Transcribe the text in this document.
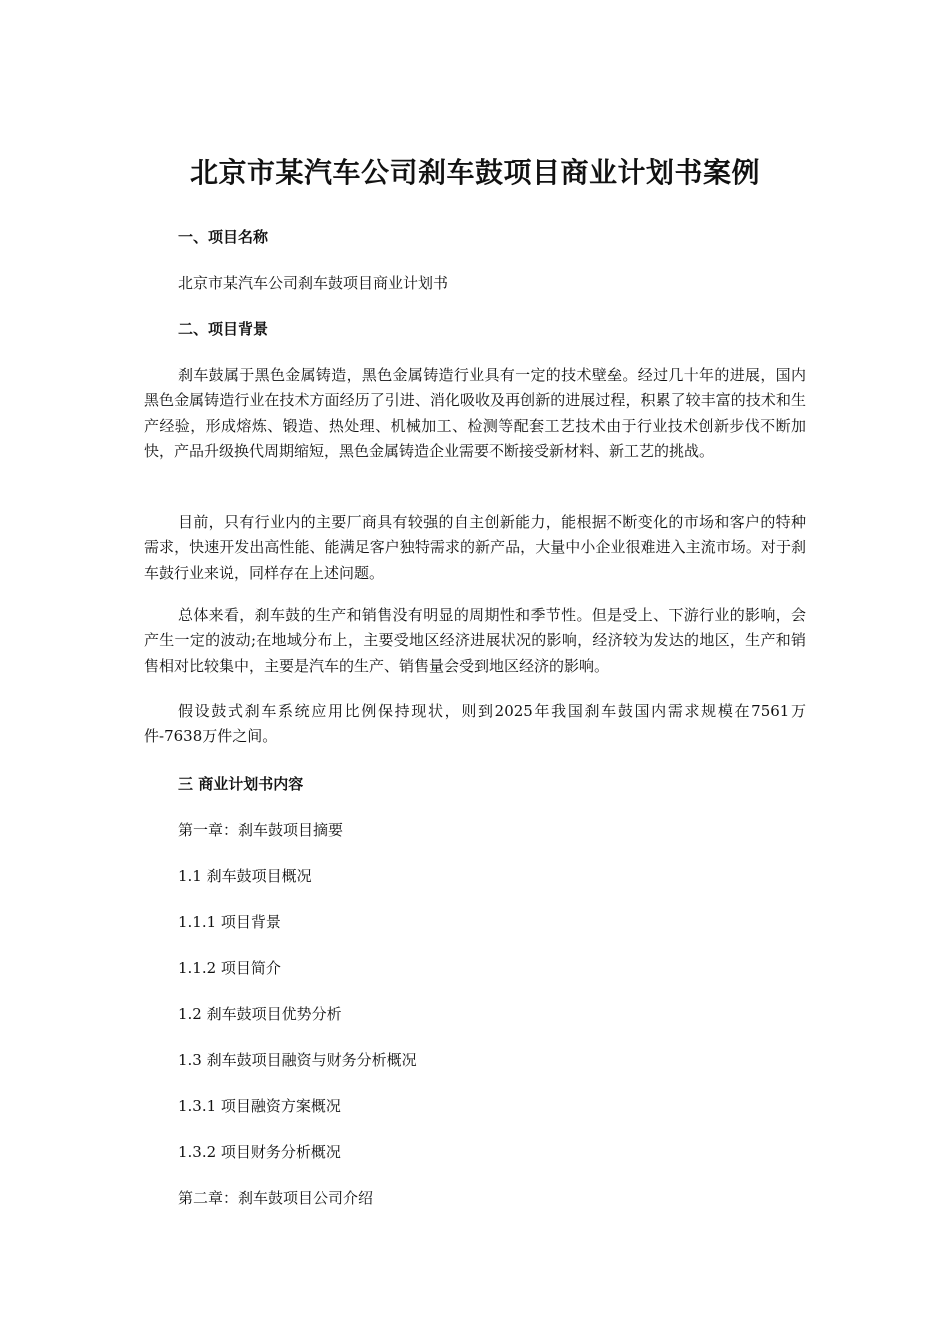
北京市某汽车公司刹车鼓项目商业计划书案例
一、项目名称
北京市某汽车公司刹车鼓项目商业计划书
二、项目背景
刹车鼓属于黑色金属铸造，黑色金属铸造行业具有一定的技术壁垒。经过几十年的进展，国内黑色金属铸造行业在技术方面经历了引进、消化吸收及再创新的进展过程，积累了较丰富的技术和生产经验，形成熔炼、锻造、热处理、机械加工、检测等配套工艺技术由于行业技术创新步伐不断加快，产品升级换代周期缩短，黑色金属铸造企业需要不断接受新材料、新工艺的挑战。
目前，只有行业内的主要厂商具有较强的自主创新能力，能根据不断变化的市场和客户的特种需求，快速开发出高性能、能满足客户独特需求的新产品，大量中小企业很难进入主流市场。对于刹车鼓行业来说，同样存在上述问题。
总体来看，刹车鼓的生产和销售没有明显的周期性和季节性。但是受上、下游行业的影响，会产生一定的波动;在地域分布上，主要受地区经济进展状况的影响，经济较为发达的地区，生产和销售相对比较集中，主要是汽车的生产、销售量会受到地区经济的影响。
假设鼓式刹车系统应用比例保持现状，则到2025年我国刹车鼓国内需求规模在7561万件-7638万件之间。
三 商业计划书内容
第一章：刹车鼓项目摘要
1.1 刹车鼓项目概况
1.1.1 项目背景
1.1.2 项目简介
1.2 刹车鼓项目优势分析
1.3 刹车鼓项目融资与财务分析概况
1.3.1 项目融资方案概况
1.3.2 项目财务分析概况
第二章：刹车鼓项目公司介绍
